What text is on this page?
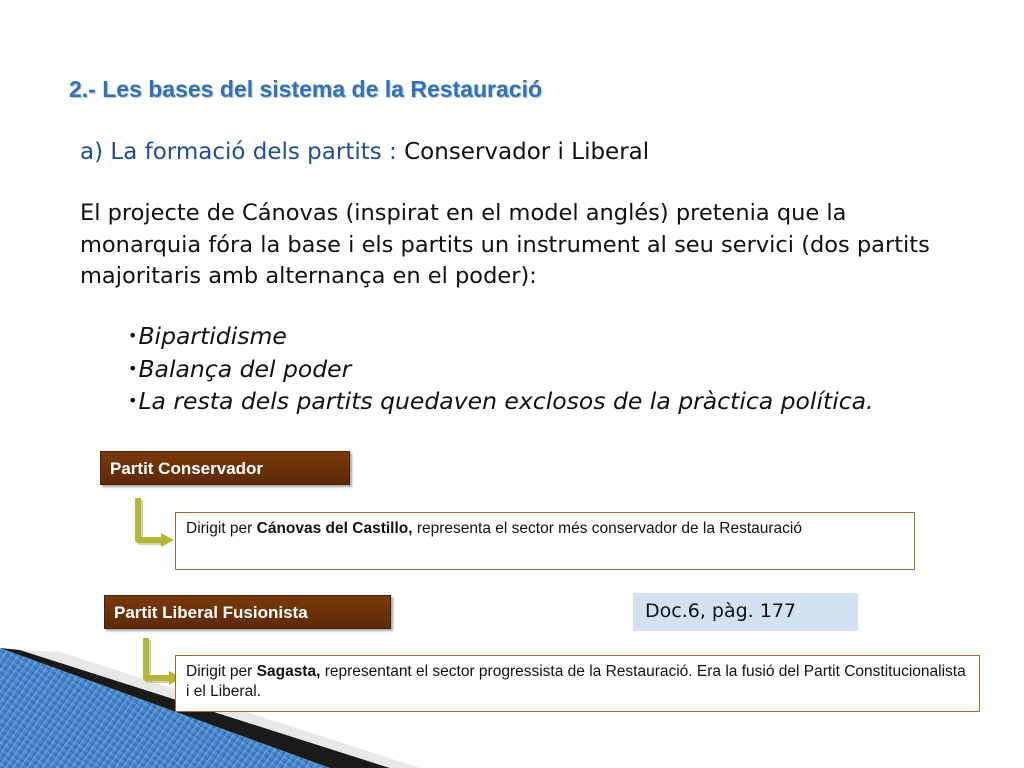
2.- Les bases del sistema de la Restauració
a) La formació dels partits : Conservador i Liberal
El projecte de Cánovas (inspirat en el model anglés) pretenia que la monarquia fóra la base i els partits un instrument al seu servici (dos partits majoritaris amb alternança en el poder):
•Bipartidisme
•Balança del poder
•La resta dels partits quedaven exclosos de la pràctica política.
Partit Conservador
Dirigit per Cánovas del Castillo, representa el sector més conservador de la Restauració
Partit Liberal Fusionista	Doc.6, pàg. 177
Dirigit per Sagasta, representant el sector progressista de la Restauració. Era la fusió del Partit Constitucionalista i el Liberal.
